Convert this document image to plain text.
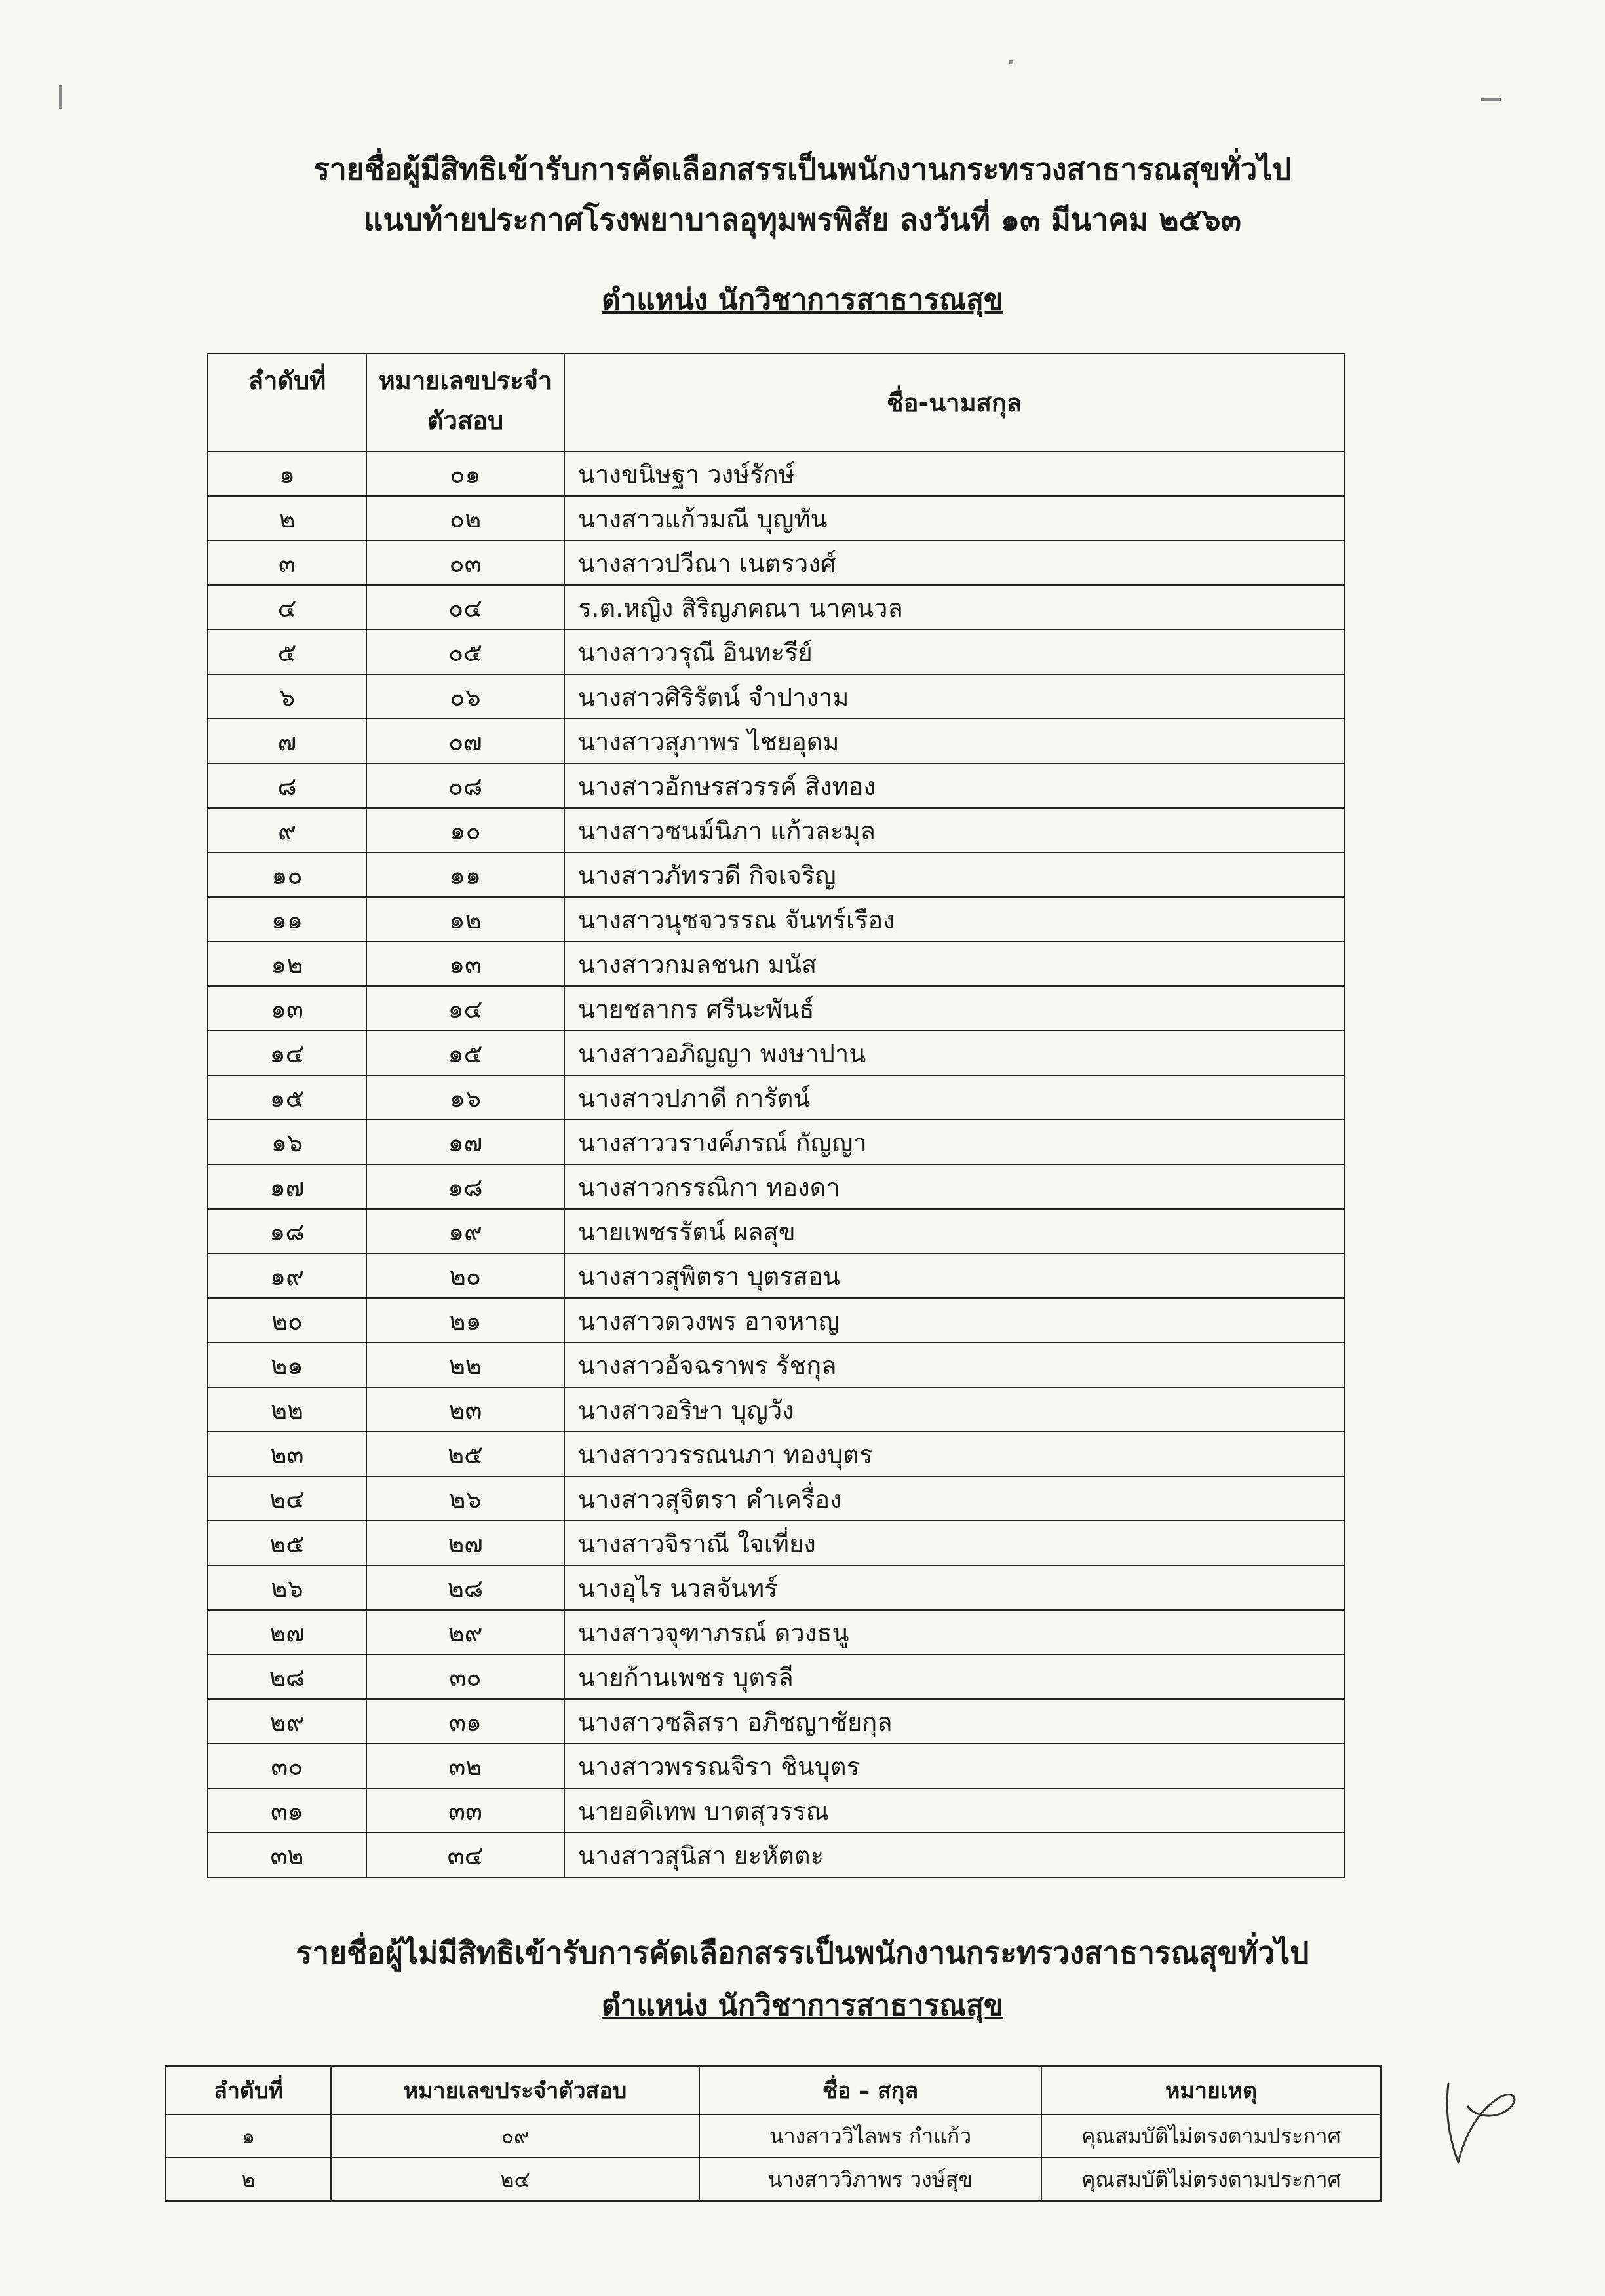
รายชื่อผู้มีสิทธิเข้ารับการคัดเลือกสรรเป็นพนักงานกระทรวงสาธารณสุขทั่วไป
แนบท้ายประกาศโรงพยาบาลอุทุมพรพิสัย ลงวันที่ ๑๓ มีนาคม ๒๕๖๓
ตำแหน่ง นักวิชาการสาธารณสุข
ลำดับที่	หมายเลขประจำตัวสอบ	ชื่อ-นามสกุล
๑	๐๑	นางขนิษฐา วงษ์รักษ์
๒	๐๒	นางสาวแก้วมณี บุญทัน
๓	๐๓	นางสาวปวีณา เนตรวงศ์
๔	๐๔	ร.ต.หญิง สิริญภคณา นาคนวล
๕	๐๕	นางสาววรุณี อินทะรีย์
๖	๐๖	นางสาวศิริรัตน์ จำปางาม
๗	๐๗	นางสาวสุภาพร ไชยอุดม
๘	๐๘	นางสาวอักษรสวรรค์ สิงทอง
๙	๑๐	นางสาวชนม์นิภา แก้วละมุล
๑๐	๑๑	นางสาวภัทรวดี กิจเจริญ
๑๑	๑๒	นางสาวนุชจวรรณ จันทร์เรือง
๑๒	๑๓	นางสาวกมลชนก มนัส
๑๓	๑๔	นายชลากร ศรีนะพันธ์
๑๔	๑๕	นางสาวอภิญญา พงษาปาน
๑๕	๑๖	นางสาวปภาดี การัตน์
๑๖	๑๗	นางสาววรางค์ภรณ์ กัญญา
๑๗	๑๘	นางสาวกรรณิกา ทองดา
๑๘	๑๙	นายเพชรรัตน์ ผลสุข
๑๙	๒๐	นางสาวสุพิตรา บุตรสอน
๒๐	๒๑	นางสาวดวงพร อาจหาญ
๒๑	๒๒	นางสาวอัจฉราพร รัชกุล
๒๒	๒๓	นางสาวอริษา บุญวัง
๒๓	๒๕	นางสาววรรณนภา ทองบุตร
๒๔	๒๖	นางสาวสุจิตรา คำเครื่อง
๒๕	๒๗	นางสาวจิราณี ใจเที่ยง
๒๖	๒๘	นางอุไร นวลจันทร์
๒๗	๒๙	นางสาวจุฑาภรณ์ ดวงธนู
๒๘	๓๐	นายก้านเพชร บุตรลี
๒๙	๓๑	นางสาวชลิสรา อภิชญาชัยกุล
๓๐	๓๒	นางสาวพรรณจิรา ชินบุตร
๓๑	๓๓	นายอดิเทพ บาตสุวรรณ
๓๒	๓๔	นางสาวสุนิสา ยะหัตตะ
รายชื่อผู้ไม่มีสิทธิเข้ารับการคัดเลือกสรรเป็นพนักงานกระทรวงสาธารณสุขทั่วไป
ตำแหน่ง นักวิชาการสาธารณสุข
ลำดับที่	หมายเลขประจำตัวสอบ	ชื่อ – สกุล	หมายเหตุ
๑	๐๙	นางสาววิไลพร กำแก้ว	คุณสมบัติไม่ตรงตามประกาศ
๒	๒๔	นางสาววิภาพร วงษ์สุข	คุณสมบัติไม่ตรงตามประกาศ
